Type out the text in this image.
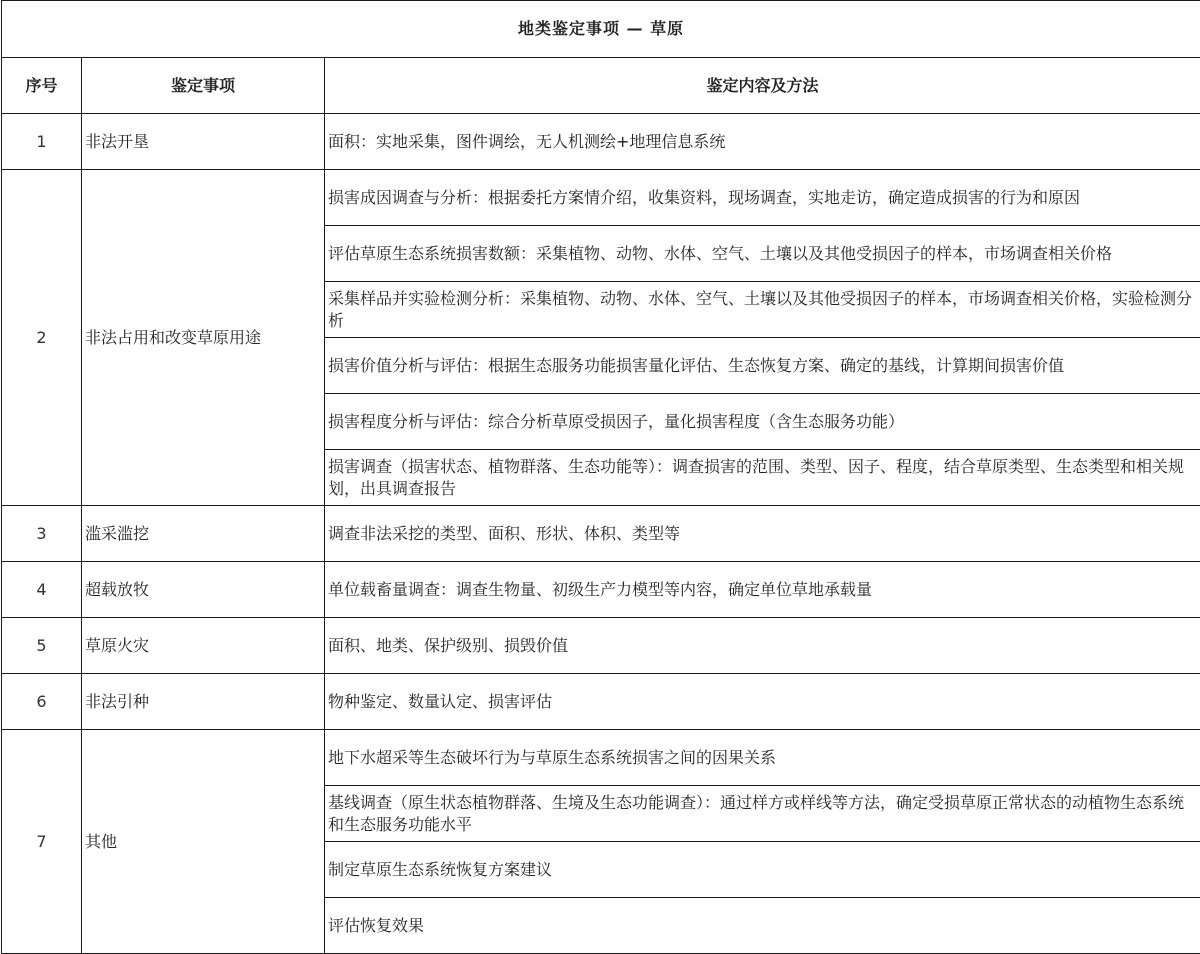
地类鉴定事项 — 草原		
序号	鉴定事项	鉴定内容及方法
1	非法开垦	面积：实地采集，图件调绘，无人机测绘+地理信息系统
2	非法占用和改变草原用途	损害成因调查与分析：根据委托方案情介绍，收集资料，现场调查，实地走访，确定造成损害的行为和原因
		评估草原生态系统损害数额：采集植物、动物、水体、空气、土壤以及其他受损因子的样本，市场调查相关价格
		采集样品并实验检测分析：采集植物、动物、水体、空气、土壤以及其他受损因子的样本，市场调查相关价格，实验检测分析
		损害价值分析与评估：根据生态服务功能损害量化评估、生态恢复方案、确定的基线，计算期间损害价值
		损害程度分析与评估：综合分析草原受损因子，量化损害程度（含生态服务功能）
		损害调查（损害状态、植物群落、生态功能等）：调查损害的范围、类型、因子、程度，结合草原类型、生态类型和相关规划，出具调查报告
3	滥采滥挖	调查非法采挖的类型、面积、形状、体积、类型等
4	超载放牧	单位载畜量调查：调查生物量、初级生产力模型等内容，确定单位草地承载量
5	草原火灾	面积、地类、保护级别、损毁价值
6	非法引种	物种鉴定、数量认定、损害评估
7	其他	地下水超采等生态破坏行为与草原生态系统损害之间的因果关系
		基线调查（原生状态植物群落、生境及生态功能调查）：通过样方或样线等方法，确定受损草原正常状态的动植物生态系统和生态服务功能水平
		制定草原生态系统恢复方案建议
		评估恢复效果
